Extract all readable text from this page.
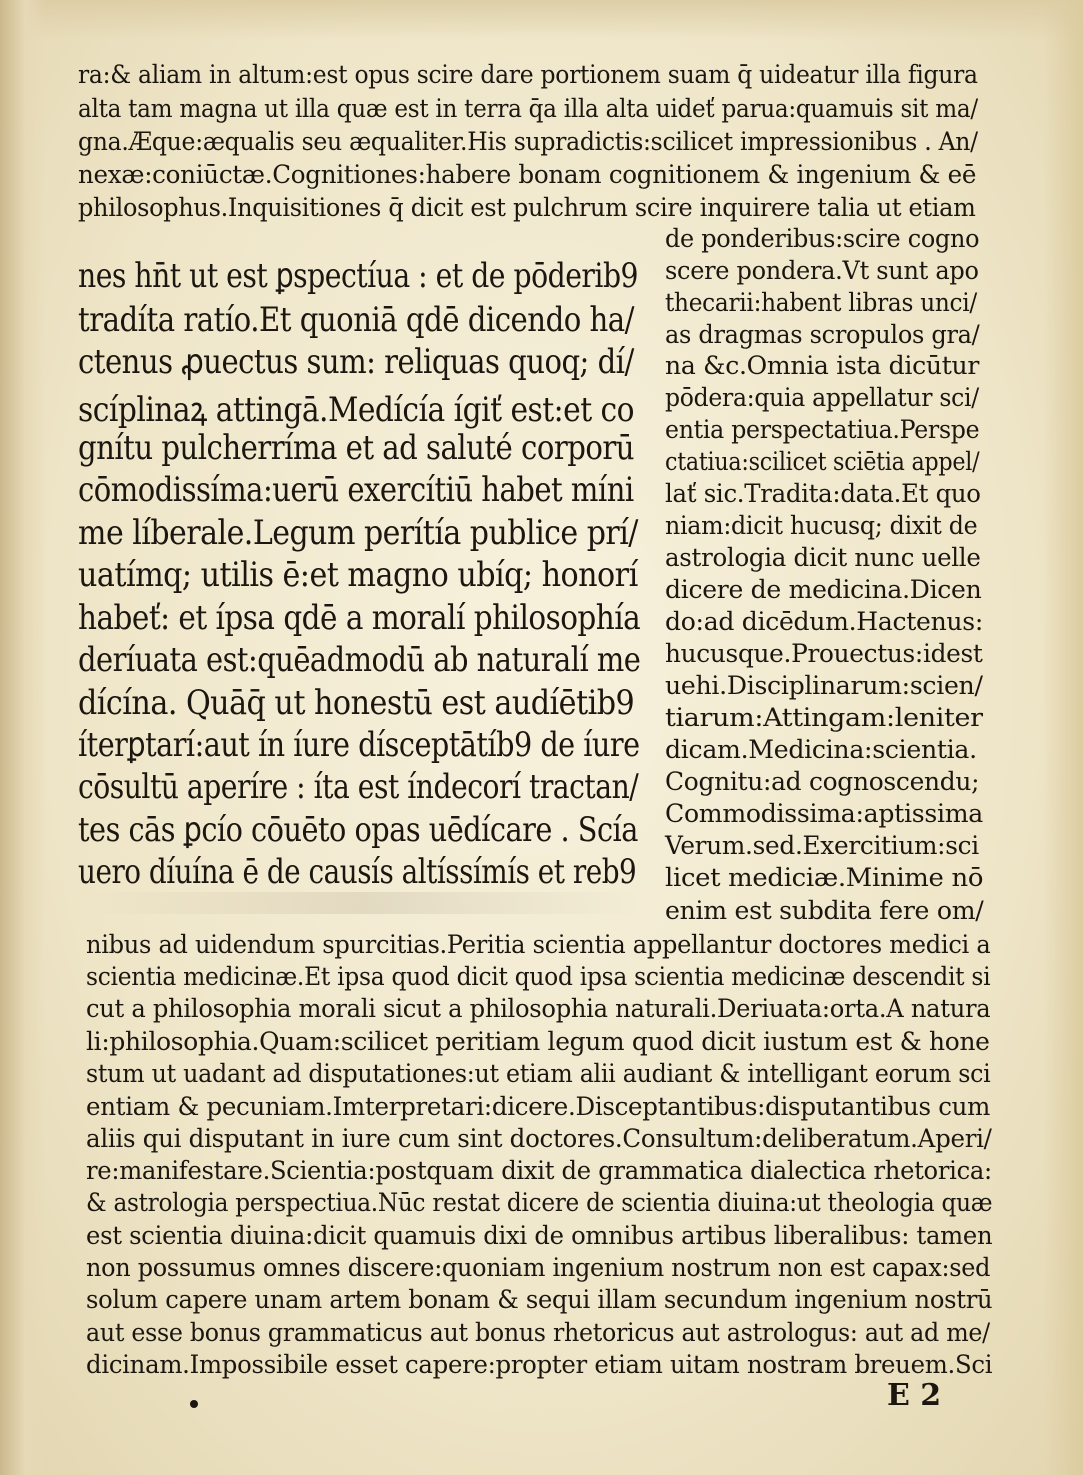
ra:& aliam in altum:est opus scire dare portionem suam q̄ uideatur illa figura
alta tam magna ut illa quæ est in terra q̄a illa alta uideť parua:quamuis sit ma/
gna.Æque:æqualis seu æqualiter.His supradictis:scilicet impressionibus . An/
nexæ:coniūctæ.Cognitiones:habere bonam cognitionem & ingenium & eē
philosophus.Inquisitiones q̄ dicit est pulchrum scire inquirere talia ut etiam
nes hn̄t ut est ꝑspectíua : et de pōderib9
tradíta ratío.Et quoniā qdē dicendo ha/
ctenus ꝓuectus sum: reliquas quoq; dí/
scíplinaꝝ attingā.Medícía ígiť est:et co
gnítu pulcherríma et ad saluté corporū
cōmodissíma:uerū exercítiū habet míni
me líberale.Legum perítía publice prí/
uatímq; utilis ē:et magno ubíq; honorí
habeť: et ípsa qdē a moralí philosophía
deríuata est:quēadmodū ab naturalí me
dícína. Quāq̄ ut honestū est audíētib9
íterꝑtarí:aut ín íure dísceptātíb9 de íure
cōsultū aperíre : íta est índecorí tractan/
tes cās ꝑcío cōuēto opas uēdícare . Scía
uero díuína ē de causís altíssímís et reb9
de ponderibus:scire cogno
scere pondera.Vt sunt apo
thecarii:habent libras unci/
as dragmas scropulos gra/
na &c.Omnia ista dicūtur
pōdera:quia appellatur sci/
entia perspectatiua.Perspe
ctatiua:scilicet sciētia appel/
lať sic.Tradita:data.Et quo
niam:dicit hucusq; dixit de
astrologia dicit nunc uelle
dicere de medicina.Dicen
do:ad dicēdum.Hactenus:
hucusque.Prouectus:idest
uehi.Disciplinarum:scien/
tiarum:Attingam:leniter
dicam.Medicina:scientia.
Cognitu:ad cognoscendu;
Commodissima:aptissima
Verum.sed.Exercitium:sci
licet mediciæ.Minime nō
enim est subdita fere om/
nibus ad uidendum spurcitias.Peritia scientia appellantur doctores medici a
scientia medicinæ.Et ipsa quod dicit quod ipsa scientia medicinæ descendit si
cut a philosophia morali sicut a philosophia naturali.Deriuata:orta.A natura
li:philosophia.Quam:scilicet peritiam legum quod dicit iustum est & hone
stum ut uadant ad disputationes:ut etiam alii audiant & intelligant eorum sci
entiam & pecuniam.Imterpretari:dicere.Disceptantibus:disputantibus cum
aliis qui disputant in iure cum sint doctores.Consultum:deliberatum.Aperi/
re:manifestare.Scientia:postquam dixit de grammatica dialectica rhetorica:
& astrologia perspectiua.Nūc restat dicere de scientia diuina:ut theologia quæ
est scientia diuina:dicit quamuis dixi de omnibus artibus liberalibus: tamen
non possumus omnes discere:quoniam ingenium nostrum non est capax:sed
solum capere unam artem bonam & sequi illam secundum ingenium nostrū
aut esse bonus grammaticus aut bonus rhetoricus aut astrologus: aut ad me/
dicinam.Impossibile esset capere:propter etiam uitam nostram breuem.Sci
E 2
